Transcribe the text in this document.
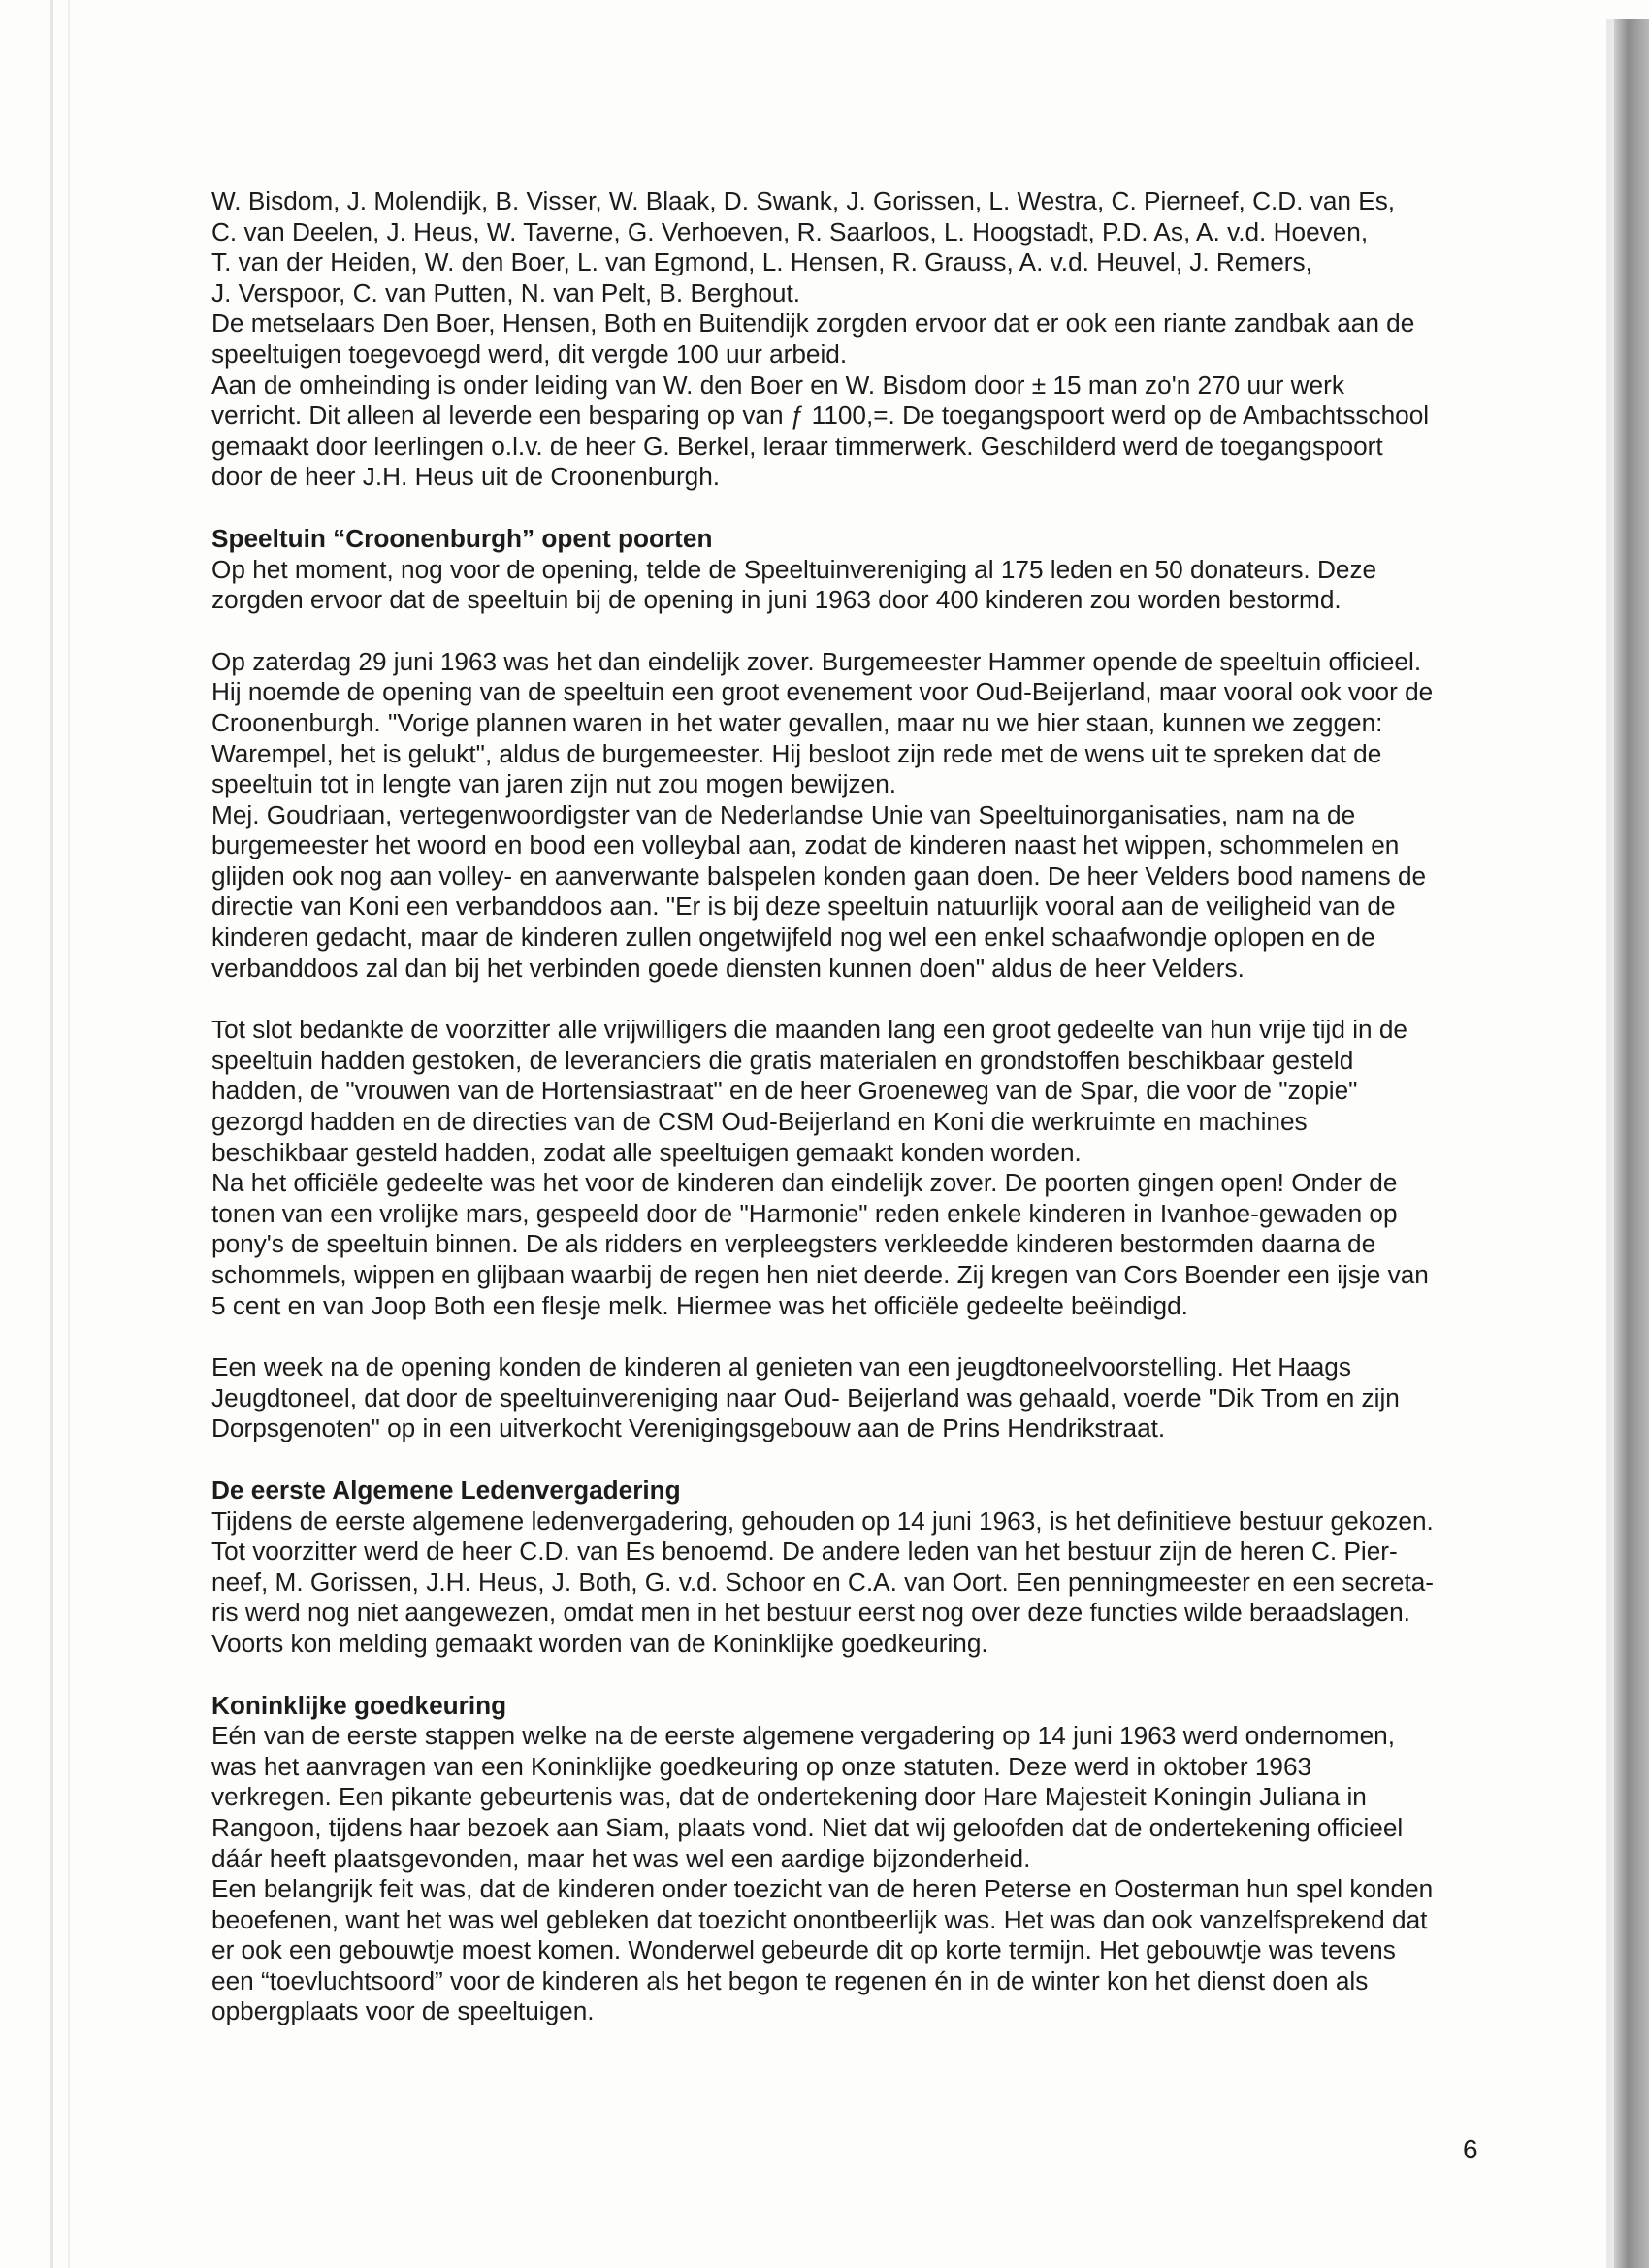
W. Bisdom, J. Molendijk, B. Visser, W. Blaak, D. Swank, J. Gorissen, L. Westra, C. Pierneef, C.D. van Es,

C. van Deelen, J. Heus, W. Taverne, G. Verhoeven, R. Saarloos, L. Hoogstadt, P.D. As, A. v.d. Hoeven,

T. van der Heiden, W. den Boer, L. van Egmond, L. Hensen, R. Grauss, A. v.d. Heuvel, J. Remers,

J. Verspoor, C. van Putten, N. van Pelt, B. Berghout.

De metselaars Den Boer, Hensen, Both en Buitendijk zorgden ervoor dat er ook een riante zandbak aan de

speeltuigen toegevoegd werd, dit vergde 100 uur arbeid.

Aan de omheinding is onder leiding van W. den Boer en W. Bisdom door ± 15 man zo'n 270 uur werk

verricht. Dit alleen al leverde een besparing op van ƒ 1100,=. De toegangspoort werd op de Ambachtsschool

gemaakt door leerlingen o.l.v. de heer G. Berkel, leraar timmerwerk. Geschilderd werd de toegangspoort

door de heer J.H. Heus uit de Croonenburgh.

Speeltuin “Croonenburgh” opent poorten

Op het moment, nog voor de opening, telde de Speeltuinvereniging al 175 leden en 50 donateurs. Deze

zorgden ervoor dat de speeltuin bij de opening in juni 1963 door 400 kinderen zou worden bestormd.

Op zaterdag 29 juni 1963 was het dan eindelijk zover. Burgemeester Hammer opende de speeltuin officieel.

Hij noemde de opening van de speeltuin een groot evenement voor Oud-Beijerland, maar vooral ook voor de

Croonenburgh. "Vorige plannen waren in het water gevallen, maar nu we hier staan, kunnen we zeggen:

Warempel, het is gelukt", aldus de burgemeester. Hij besloot zijn rede met de wens uit te spreken dat de

speeltuin tot in lengte van jaren zijn nut zou mogen bewijzen.

Mej. Goudriaan, vertegenwoordigster van de Nederlandse Unie van Speeltuinorganisaties, nam na de

burgemeester het woord en bood een volleybal aan, zodat de kinderen naast het wippen, schommelen en

glijden ook nog aan volley- en aanverwante balspelen konden gaan doen. De heer Velders bood namens de

directie van Koni een verbanddoos aan. "Er is bij deze speeltuin natuurlijk vooral aan de veiligheid van de

kinderen gedacht, maar de kinderen zullen ongetwijfeld nog wel een enkel schaafwondje oplopen en de

verbanddoos zal dan bij het verbinden goede diensten kunnen doen" aldus de heer Velders.

Tot slot bedankte de voorzitter alle vrijwilligers die maanden lang een groot gedeelte van hun vrije tijd in de

speeltuin hadden gestoken, de leveranciers die gratis materialen en grondstoffen beschikbaar gesteld

hadden, de "vrouwen van de Hortensiastraat" en de heer Groeneweg van de Spar, die voor de "zopie"

gezorgd hadden en de directies van de CSM Oud-Beijerland en Koni die werkruimte en machines

beschikbaar gesteld hadden, zodat alle speeltuigen gemaakt konden worden.

Na het officiële gedeelte was het voor de kinderen dan eindelijk zover. De poorten gingen open! Onder de

tonen van een vrolijke mars, gespeeld door de "Harmonie" reden enkele kinderen in Ivanhoe-gewaden op

pony's de speeltuin binnen. De als ridders en verpleegsters verkleedde kinderen bestormden daarna de

schommels, wippen en glijbaan waarbij de regen hen niet deerde. Zij kregen van Cors Boender een ijsje van

5 cent en van Joop Both een flesje melk. Hiermee was het officiële gedeelte beëindigd.

Een week na de opening konden de kinderen al genieten van een jeugdtoneelvoorstelling. Het Haags

Jeugdtoneel, dat door de speeltuinvereniging naar Oud- Beijerland was gehaald, voerde "Dik Trom en zijn

Dorpsgenoten" op in een uitverkocht Verenigingsgebouw aan de Prins Hendrikstraat.

De eerste Algemene Ledenvergadering

Tijdens de eerste algemene ledenvergadering, gehouden op 14 juni 1963, is het definitieve bestuur gekozen.

Tot voorzitter werd de heer C.D. van Es benoemd. De andere leden van het bestuur zijn de heren C. Pier-

neef, M. Gorissen, J.H. Heus, J. Both, G. v.d. Schoor en C.A. van Oort. Een penningmeester en een secreta-

ris werd nog niet aangewezen, omdat men in het bestuur eerst nog over deze functies wilde beraadslagen.

Voorts kon melding gemaakt worden van de Koninklijke goedkeuring.

Koninklijke goedkeuring

Eén van de eerste stappen welke na de eerste algemene vergadering op 14 juni 1963 werd ondernomen,

was het aanvragen van een Koninklijke goedkeuring op onze statuten. Deze werd in oktober 1963

verkregen. Een pikante gebeurtenis was, dat de ondertekening door Hare Majesteit Koningin Juliana in

Rangoon, tijdens haar bezoek aan Siam, plaats vond. Niet dat wij geloofden dat de ondertekening officieel

dáár heeft plaatsgevonden, maar het was wel een aardige bijzonderheid.

Een belangrijk feit was, dat de kinderen onder toezicht van de heren Peterse en Oosterman hun spel konden

beoefenen, want het was wel gebleken dat toezicht onontbeerlijk was. Het was dan ook vanzelfsprekend dat

er ook een gebouwtje moest komen. Wonderwel gebeurde dit op korte termijn. Het gebouwtje was tevens

een “toevluchtsoord” voor de kinderen als het begon te regenen én in de winter kon het dienst doen als

opbergplaats voor de speeltuigen.

6
